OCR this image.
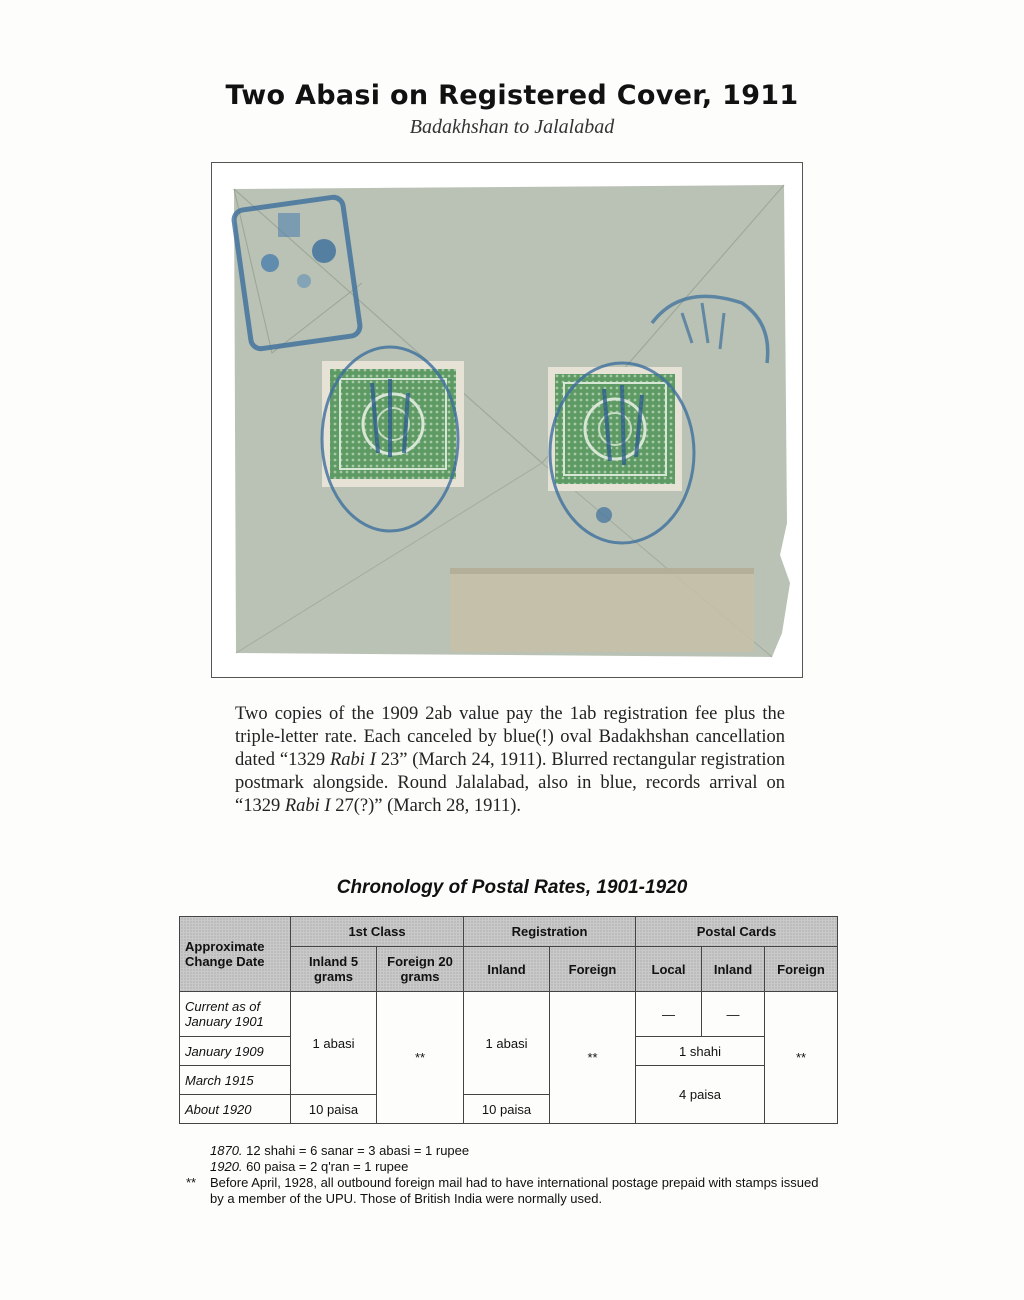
Two Abasi on Registered Cover, 1911
Badakhshan to Jalalabad
Two copies of the 1909 2ab value pay the 1ab registration fee plus the triple-letter rate. Each canceled by blue(!) oval Badakhshan cancellation dated “1329 Rabi I 23” (March 24, 1911). Blurred rectangular registration postmark alongside. Round Jalalabad, also in blue, records arrival on “1329 Rabi I 27(?)” (March 28, 1911).
Chronology of Postal Rates, 1901-1920
Approximate Change Date	1st Class		Registration		Postal Cards		
	Inland 5 grams	Foreign 20 grams	Inland	Foreign	Local	Inland	Foreign
Current as of January 1901	1 abasi	**	1 abasi	**	—	—	**
January 1909					1 shahi		
March 1915					4 paisa		
About 1920	10 paisa		10 paisa				
1870. 12 shahi = 6 sanar = 3 abasi = 1 rupee
1920. 60 paisa = 2 q'ran = 1 rupee
**	Before April, 1928, all outbound foreign mail had to have international postage prepaid with stamps issued by a member of the UPU. Those of British India were normally used.
